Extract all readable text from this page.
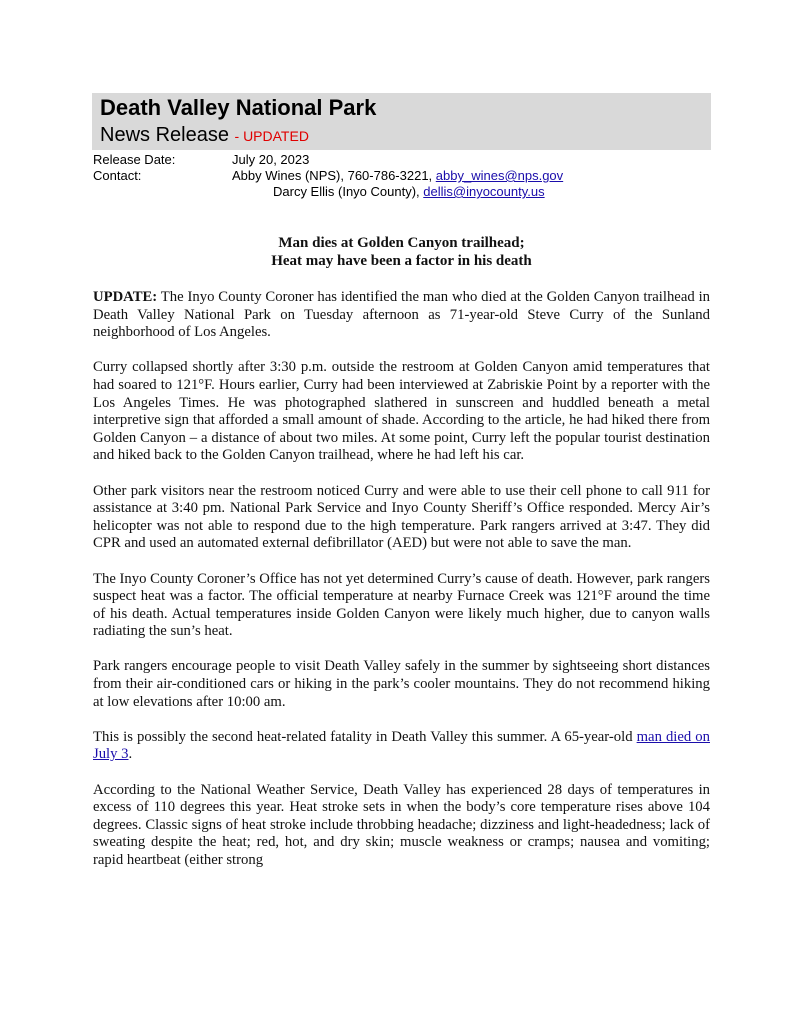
Death Valley National Park
News Release - UPDATED
Release Date:	July 20, 2023
Contact:	Abby Wines (NPS), 760-786-3221, abby_wines@nps.gov
Darcy Ellis (Inyo County), dellis@inyocounty.us
Man dies at Golden Canyon trailhead;
Heat may have been a factor in his death

UPDATE: The Inyo County Coroner has identified the man who died at the Golden Canyon trailhead in Death Valley National Park on Tuesday afternoon as 71-year-old Steve Curry of the Sunland neighborhood of Los Angeles.

Curry collapsed shortly after 3:30 p.m. outside the restroom at Golden Canyon amid temperatures that had soared to 121°F. Hours earlier, Curry had been interviewed at Zabriskie Point by a reporter with the Los Angeles Times. He was photographed slathered in sunscreen and huddled beneath a metal interpretive sign that afforded a small amount of shade. According to the article, he had hiked there from Golden Canyon – a distance of about two miles. At some point, Curry left the popular tourist destination and hiked back to the Golden Canyon trailhead, where he had left his car.

Other park visitors near the restroom noticed Curry and were able to use their cell phone to call 911 for assistance at 3:40 pm. National Park Service and Inyo County Sheriff’s Office responded. Mercy Air’s helicopter was not able to respond due to the high temperature. Park rangers arrived at 3:47. They did CPR and used an automated external defibrillator (AED) but were not able to save the man.

The Inyo County Coroner’s Office has not yet determined Curry’s cause of death. However, park rangers suspect heat was a factor. The official temperature at nearby Furnace Creek was 121°F around the time of his death. Actual temperatures inside Golden Canyon were likely much higher, due to canyon walls radiating the sun’s heat.

Park rangers encourage people to visit Death Valley safely in the summer by sightseeing short distances from their air-conditioned cars or hiking in the park’s cooler mountains. They do not recommend hiking at low elevations after 10:00 am.

This is possibly the second heat-related fatality in Death Valley this summer. A 65-year-old man died on July 3.

According to the National Weather Service, Death Valley has experienced 28 days of temperatures in excess of 110 degrees this year. Heat stroke sets in when the body’s core temperature rises above 104 degrees. Classic signs of heat stroke include throbbing headache; dizziness and light-headedness; lack of sweating despite the heat; red, hot, and dry skin; muscle weakness or cramps; nausea and vomiting; rapid heartbeat (either strong
